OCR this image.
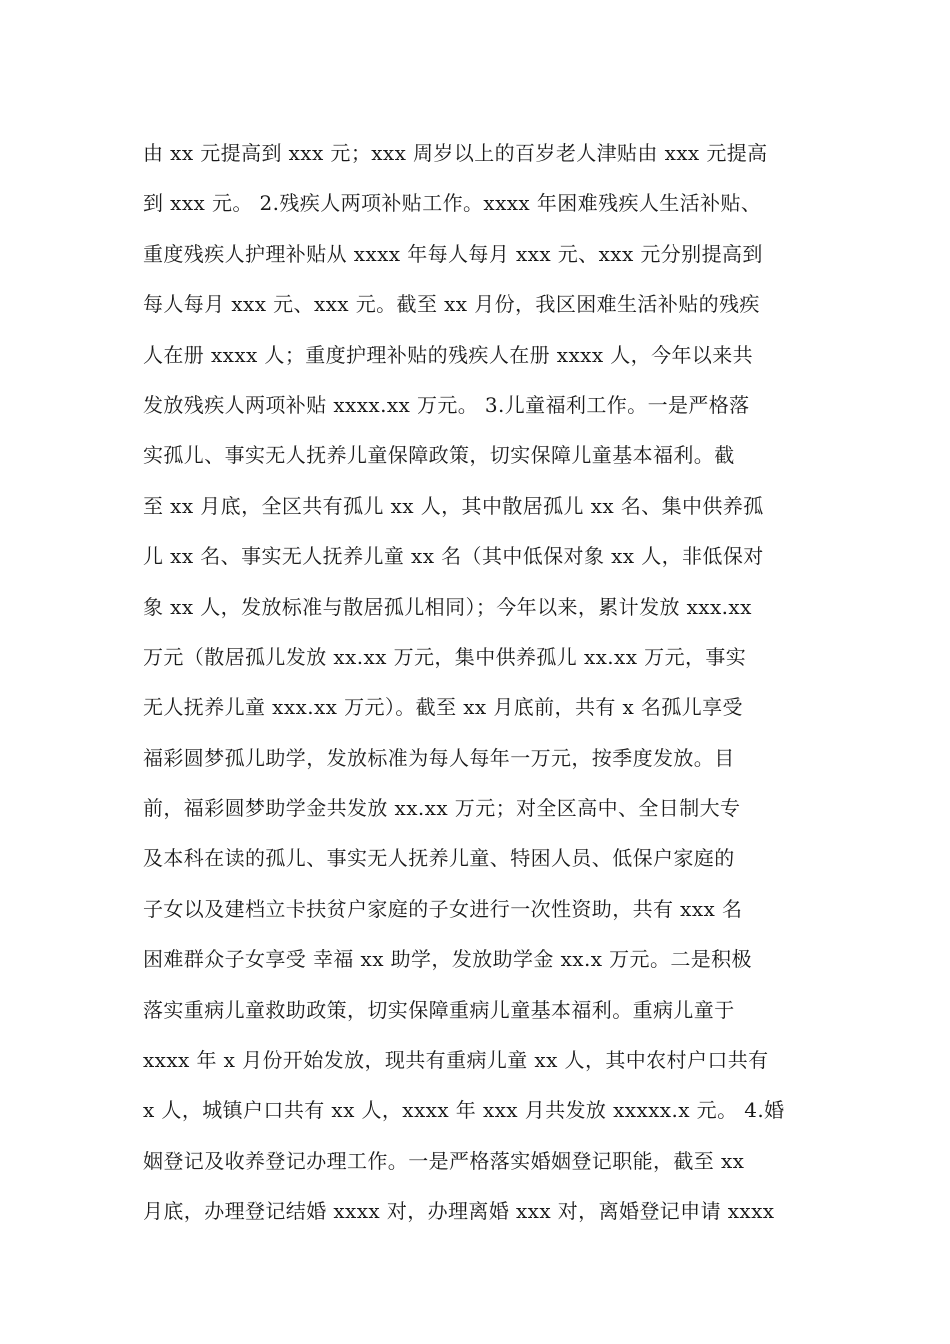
由 xx 元提高到 xxx 元；xxx 周岁以上的百岁老人津贴由 xxx 元提高
到 xxx 元。 2.残疾人两项补贴工作。xxxx 年困难残疾人生活补贴、
重度残疾人护理补贴从 xxxx 年每人每月 xxx 元、xxx 元分别提高到
每人每月 xxx 元、xxx 元。截至 xx 月份，我区困难生活补贴的残疾
人在册 xxxx 人；重度护理补贴的残疾人在册 xxxx 人，今年以来共
发放残疾人两项补贴 xxxx.xx 万元。 3.儿童福利工作。一是严格落
实孤儿、事实无人抚养儿童保障政策，切实保障儿童基本福利。截
至 xx 月底，全区共有孤儿 xx 人，其中散居孤儿 xx 名、集中供养孤
儿 xx 名、事实无人抚养儿童 xx 名（其中低保对象 xx 人，非低保对
象 xx 人，发放标准与散居孤儿相同）；今年以来，累计发放 xxx.xx
万元（散居孤儿发放 xx.xx 万元，集中供养孤儿 xx.xx 万元，事实
无人抚养儿童 xxx.xx 万元）。截至 xx 月底前，共有 x 名孤儿享受
福彩圆梦孤儿助学，发放标准为每人每年一万元，按季度发放。目
前，福彩圆梦助学金共发放 xx.xx 万元；对全区高中、全日制大专
及本科在读的孤儿、事实无人抚养儿童、特困人员、低保户家庭的
子女以及建档立卡扶贫户家庭的子女进行一次性资助，共有 xxx 名
困难群众子女享受 幸福 xx 助学，发放助学金 xx.x 万元。二是积极
落实重病儿童救助政策，切实保障重病儿童基本福利。重病儿童于
xxxx 年 x 月份开始发放，现共有重病儿童 xx 人，其中农村户口共有
x 人，城镇户口共有 xx 人，xxxx 年 xxx 月共发放 xxxxx.x 元。 4.婚
姻登记及收养登记办理工作。一是严格落实婚姻登记职能，截至 xx
月底，办理登记结婚 xxxx 对，办理离婚 xxx 对，离婚登记申请 xxxx
